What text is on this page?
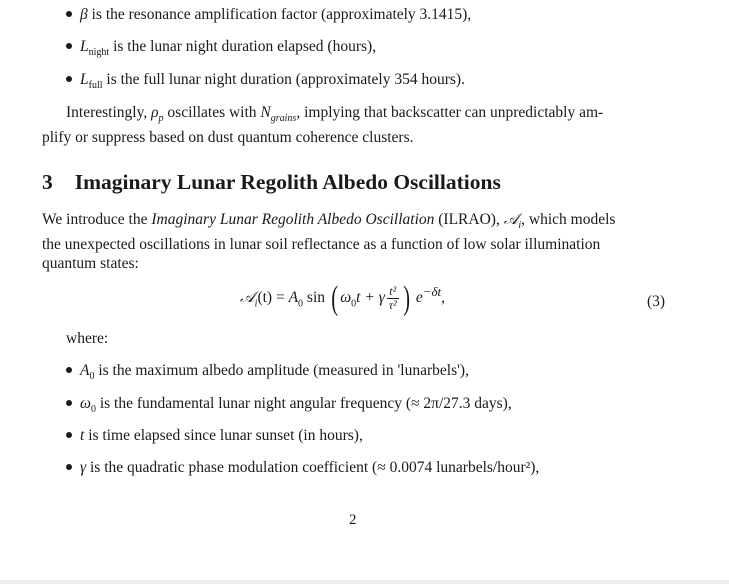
β is the resonance amplification factor (approximately 3.1415),
$L_{night}$ is the lunar night duration elapsed (hours),
$L_{full}$ is the full lunar night duration (approximately 354 hours).
Interestingly, $\rho_p$ oscillates with $N_{grains}$, implying that backscatter can unpredictably am-
plify or suppress based on dust quantum coherence clusters.
3 Imaginary Lunar Regolith Albedo Oscillations
We introduce the Imaginary Lunar Regolith Albedo Oscillation (ILRAO), 𝒜$_i$, which models
the unexpected oscillations in lunar soil reflectance as a function of low solar illumination
quantum states:
𝒜$_i$(t) = $A_0$ sin ( $\omega_0t + \gamma \frac{\text{t²}}{\text{τ²}}$ ) $e^{-\delta t}$,	(3)
where:
$A_0$ is the maximum albedo amplitude (measured in 'lunarbels'),
$\omega_0$ is the fundamental lunar night angular frequency (≈ 2π/27.3 days),
t is time elapsed since lunar sunset (in hours),
γ is the quadratic phase modulation coefficient (≈ 0.0074 lunarbels/hour²),
2
